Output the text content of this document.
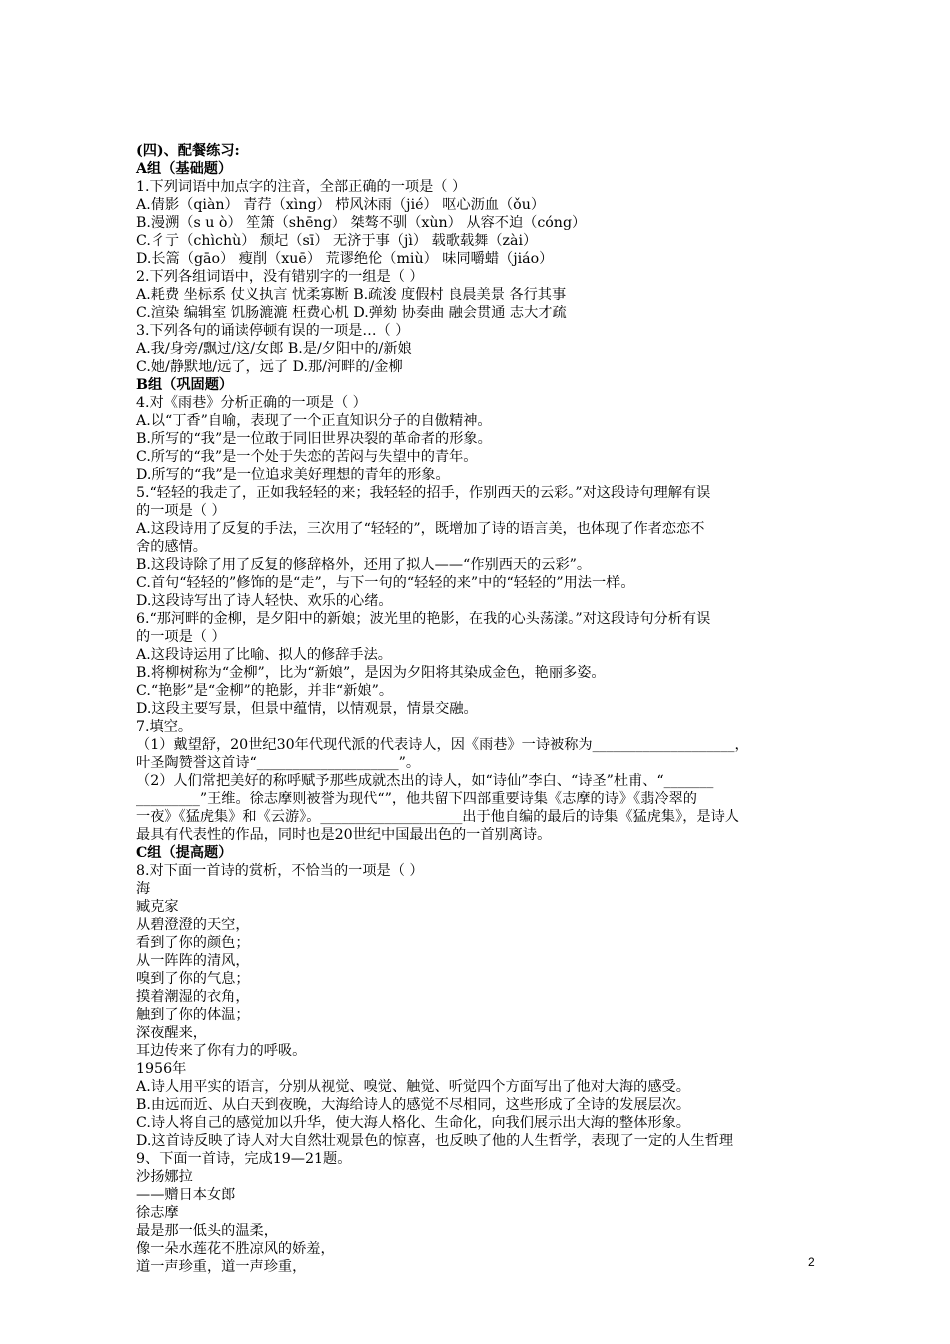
(四)、配餐练习:
A组（基础题）
1.下列词语中加点字的注音，全部正确的一项是（ ）
A.倩影（qiàn） 青荇（xìng） 栉风沐雨（jié） 呕心沥血（ǒu）
B.漫溯（s u ò） 笙箫（shēng） 桀骜不驯（xùn） 从容不迫（cóng）
C.彳亍（chìchù） 颓圮（sī） 无济于事（jì） 载歌载舞（zài）
D.长篙（gāo） 瘦削（xuē） 荒谬绝伦（miù） 味同嚼蜡（jiáo）
2.下列各组词语中，没有错别字的一组是（ ）
A.耗费 坐标系 仗义执言 忧柔寡断 B.疏浚 度假村 良晨美景 各行其事
C.渲染 编辑室 饥肠漉漉 枉费心机 D.弹劾 协奏曲 融会贯通 志大才疏
3.下列各句的诵读停顿有误的一项是…（ ）
A.我/身旁/飘过/这/女郎 B.是/夕阳中的/新娘
C.她/静默地/远了，远了 D.那/河畔的/金柳
B组（巩固题）
4.对《雨巷》分析正确的一项是（ ）
A.以“丁香”自喻，表现了一个正直知识分子的自傲精神。
B.所写的“我”是一位敢于同旧世界决裂的革命者的形象。
C.所写的“我”是一个处于失恋的苦闷与失望中的青年。
D.所写的“我”是一位追求美好理想的青年的形象。
5.“轻轻的我走了，正如我轻轻的来；我轻轻的招手，作别西天的云彩。”对这段诗句理解有误
的一项是（ ）
A.这段诗用了反复的手法，三次用了“轻轻的”，既增加了诗的语言美，也体现了作者恋恋不
舍的感情。
B.这段诗除了用了反复的修辞格外，还用了拟人——“作别西天的云彩”。
C.首句“轻轻的”修饰的是“走”，与下一句的“轻轻的来”中的“轻轻的”用法一样。
D.这段诗写出了诗人轻快、欢乐的心绪。
6.“那河畔的金柳，是夕阳中的新娘；波光里的艳影，在我的心头荡漾。”对这段诗句分析有误
的一项是（ ）
A.这段诗运用了比喻、拟人的修辞手法。
B.将柳树称为“金柳”，比为“新娘”，是因为夕阳将其染成金色，艳丽多姿。
C.“艳影”是“金柳”的艳影，并非“新娘”。
D.这段主要写景，但景中蕴情，以情观景，情景交融。
7.填空。
（1）戴望舒，20世纪30年代现代派的代表诗人，因《雨巷》一诗被称为____________________，
叶圣陶赞誉这首诗“____________________”。
（2）人们常把美好的称呼赋予那些成就杰出的诗人，如“诗仙”李白、“诗圣”杜甫、“_______
_________”王维。徐志摩则被誉为现代“”，他共留下四部重要诗集《志摩的诗》《翡冷翠的
一夜》《猛虎集》和《云游》。____________________出于他自编的最后的诗集《猛虎集》，是诗人
最具有代表性的作品，同时也是20世纪中国最出色的一首别离诗。
C组（提高题）
8.对下面一首诗的赏析，不恰当的一项是（ ）
海
臧克家
从碧澄澄的天空，
看到了你的颜色；
从一阵阵的清风，
嗅到了你的气息；
摸着潮湿的衣角，
触到了你的体温；
深夜醒来，
耳边传来了你有力的呼吸。
1956年
A.诗人用平实的语言，分别从视觉、嗅觉、触觉、听觉四个方面写出了他对大海的感受。
B.由远而近、从白天到夜晚，大海给诗人的感觉不尽相同，这些形成了全诗的发展层次。
C.诗人将自己的感觉加以升华，使大海人格化、生命化，向我们展示出大海的整体形象。
D.这首诗反映了诗人对大自然壮观景色的惊喜，也反映了他的人生哲学，表现了一定的人生哲理
9、下面一首诗，完成19—21题。
沙扬娜拉
——赠日本女郎
徐志摩
最是那一低头的温柔，
像一朵水莲花不胜凉风的娇羞，
道一声珍重，道一声珍重，	2
